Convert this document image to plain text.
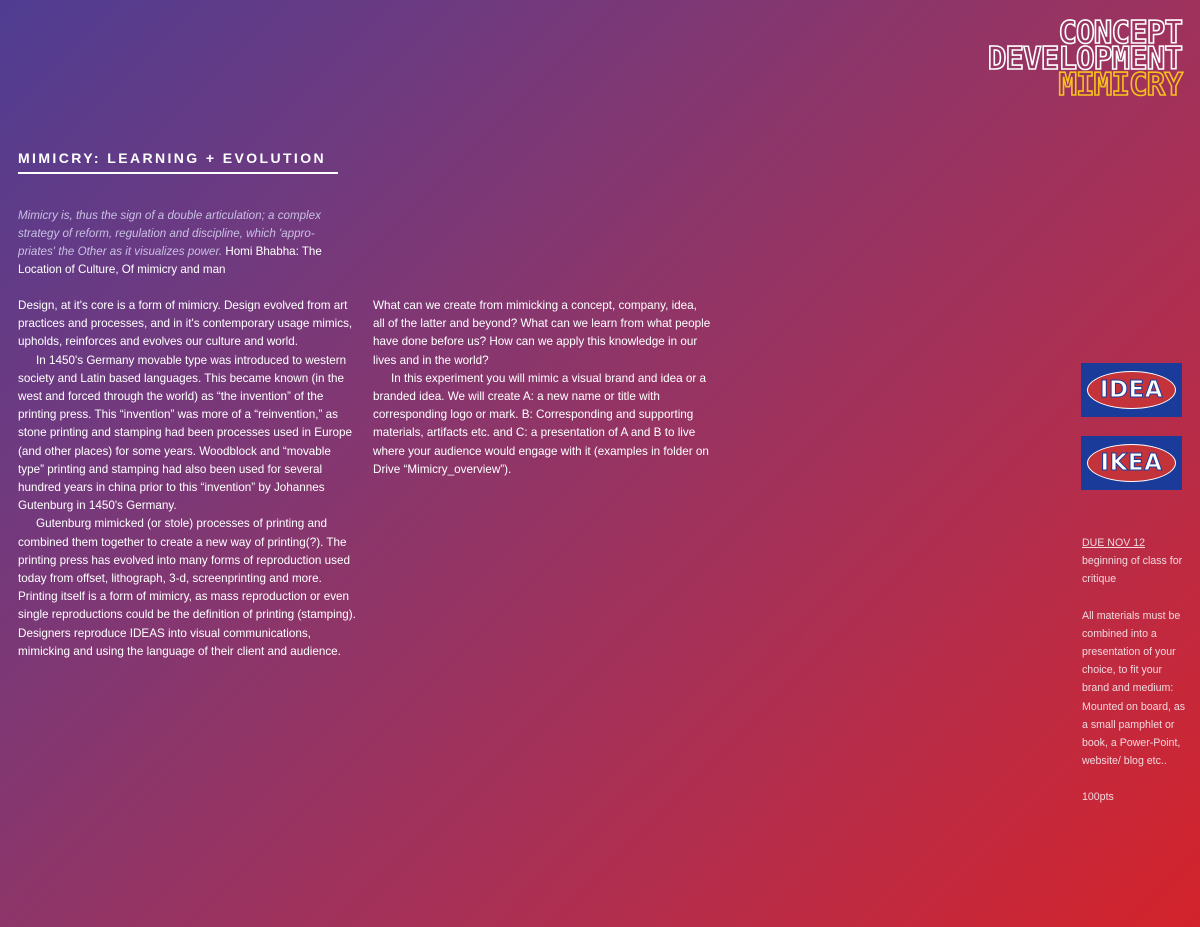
CONCEPT
DEVELOPMENT
MIMICRY
MIMICRY: LEARNING + EVOLUTION
Mimicry is, thus the sign of a double articulation; a complex strategy of reform, regulation and discipline, which 'appro-priates' the Other as it visualizes power. Homi Bhabha: The Location of Culture, Of mimicry and man

Design, at it's core is a form of mimicry. Design evolved from art practices and processes, and in it's contemporary usage mimics, upholds, reinforces and evolves our culture and world.

In 1450's Germany movable type was introduced to western society and Latin based languages. This became known (in the west and forced through the world) as “the invention” of the printing press. This “invention” was more of a “reinvention,” as stone printing and stamping had been processes used in Europe (and other places) for some years. Woodblock and “movable type” printing and stamping had also been used for several hundred years in china prior to this “invention” by Johannes Gutenburg in 1450's Germany.

Gutenburg mimicked (or stole) processes of printing and combined them together to create a new way of printing(?). The printing press has evolved into many forms of reproduction used today from offset, lithograph, 3-d, screenprinting and more. Printing itself is a form of mimicry, as mass reproduction or even single reproductions could be the definition of printing (stamping). Designers reproduce IDEAS into visual communications, mimicking and using the language of their client and audience.

What can we create from mimicking a concept, company, idea, all of the latter and beyond? What can we learn from what people have done before us? How can we apply this knowledge in our lives and in the world?

In this experiment you will mimic a visual brand and idea or a branded idea. We will create A: a new name or title with corresponding logo or mark. B: Corresponding and supporting materials, artifacts etc. and C: a presentation of A and B to live where your audience would engage with it (examples in folder on Drive “Mimicry_overview”).

IDEA
IKEA
DUE NOV 12
beginning of class for critique
All materials must be combined into a presentation of your choice, to fit your brand and medium: Mounted on board, as a small pamphlet or book, a Power-Point, website/ blog etc..
100pts
